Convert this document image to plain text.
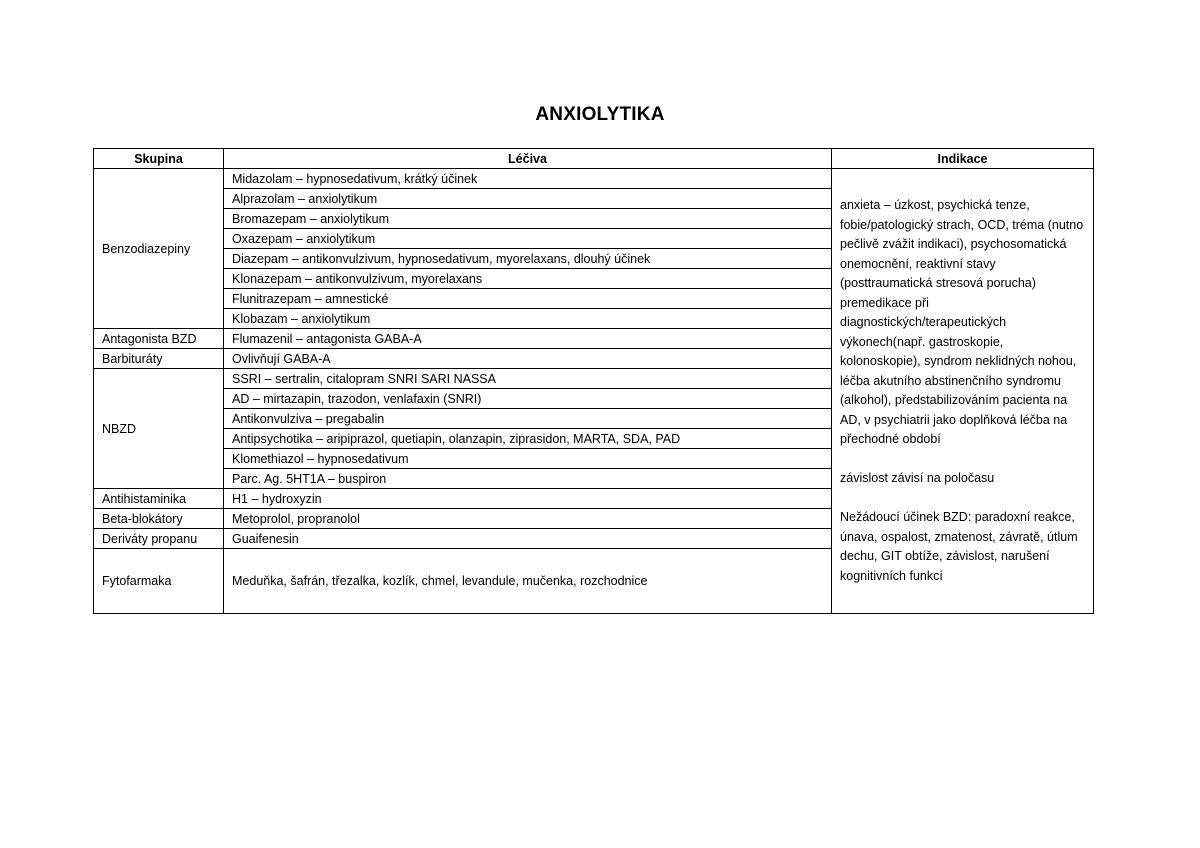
ANXIOLYTIKA
Skupina	Léčiva	Indikace
Benzodiazepiny	Midazolam – hypnosedativum, krátký účinek	anxieta – úzkost, psychická tenze, fobie/patologický strach, OCD, tréma (nutno pečlivě zvážit indikaci), psychosomatická onemocnění, reaktivní stavy (posttraumatická stresová porucha) premedikace při diagnostických/terapeutických výkonech(např. gastroskopie, kolonoskopie), syndrom neklidných nohou, léčba akutního abstinenčního syndromu (alkohol), předstabilizováním pacienta na AD, v psychiatrii jako doplňková léčba na přechodné období

závislost závisí na poločasu

Nežádoucí účinek BZD: paradoxní reakce, únava, ospalost, zmatenost, závratě, útlum dechu, GIT obtíže, závislost, narušení kognitivních funkcí

	Alprazolam – anxiolytikum	
	Bromazepam – anxiolytikum	
	Oxazepam – anxiolytikum	
	Diazepam – antikonvulzivum, hypnosedativum, myorelaxans, dlouhý účinek	
	Klonazepam – antikonvulzivum, myorelaxans	
	Flunitrazepam – amnestické	
	Klobazam – anxiolytikum	
Antagonista BZD	Flumazenil – antagonista GABA-A	
Barbituráty	Ovlivňují GABA-A	
NBZD	SSRI – sertralin, citalopram SNRI SARI NASSA	
	AD – mirtazapin, trazodon, venlafaxin (SNRI)	
	Antikonvulziva – pregabalin	
	Antipsychotika – aripiprazol, quetiapin, olanzapin, ziprasidon, MARTA, SDA, PAD	
	Klomethiazol – hypnosedativum	
	Parc. Ag. 5HT1A – buspiron	
Antihistaminika	H1 – hydroxyzin	
Beta-blokátory	Metoprolol, propranolol	
Deriváty propanu	Guaifenesin	
Fytofarmaka	Meduňka, šafrán, třezalka, kozlík, chmel, levandule, mučenka, rozchodnice	
